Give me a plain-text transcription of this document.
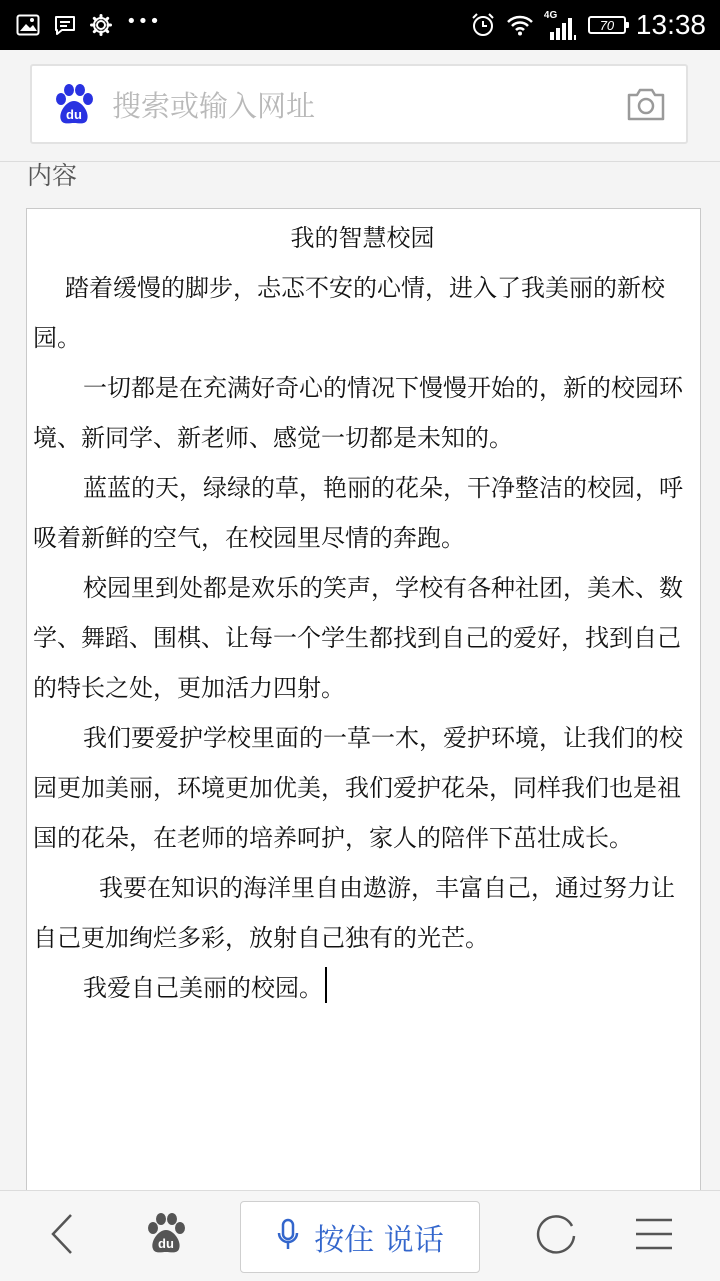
•••	4G
70 13:38
du
搜索或输入网址
内容
我的智慧校园

踏着缓慢的脚步，忐忑不安的心情，进入了我美丽的新校园。

一切都是在充满好奇心的情况下慢慢开始的，新的校园环境、新同学、新老师、感觉一切都是未知的。

蓝蓝的天，绿绿的草，艳丽的花朵，干净整洁的校园，呼吸着新鲜的空气，在校园里尽情的奔跑。

校园里到处都是欢乐的笑声，学校有各种社团，美术、数学、舞蹈、围棋、让每一个学生都找到自己的爱好，找到自己的特长之处，更加活力四射。

我们要爱护学校里面的一草一木，爱护环境，让我们的校园更加美丽，环境更加优美，我们爱护花朵，同样我们也是祖国的花朵，在老师的培养呵护，家人的陪伴下茁壮成长。

我要在知识的海洋里自由遨游，丰富自己，通过努力让自己更加绚烂多彩，放射自己独有的光芒。

我爱自己美丽的校园。

du	按住 说话
